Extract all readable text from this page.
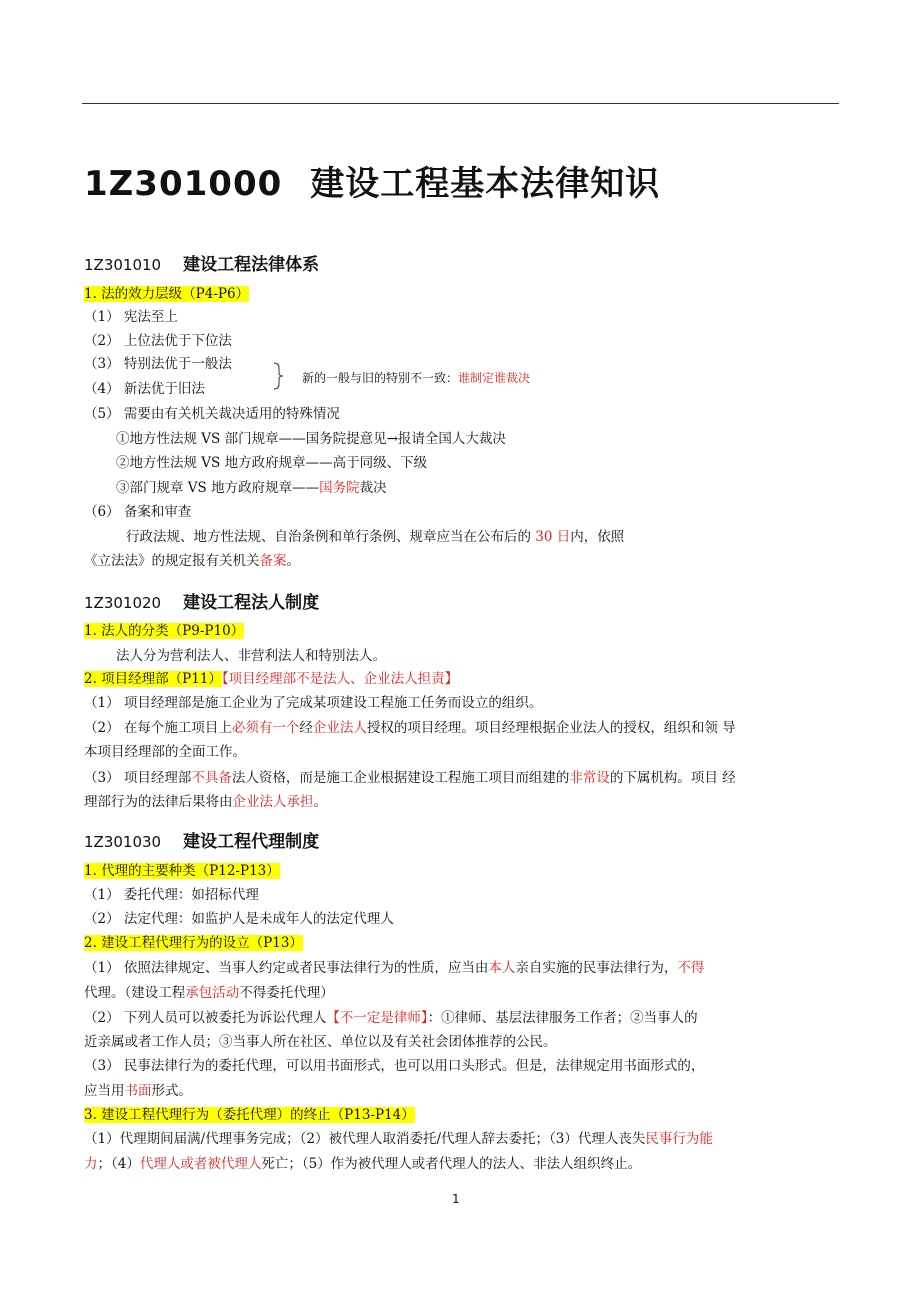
1Z301000 建设工程基本法律知识
1Z301010 建设工程法律体系
1. 法的效力层级（P4-P6）
（1） 宪法至上
（2） 上位法优于下位法
（3） 特别法优于一般法
（4） 新法优于旧法
新的一般与旧的特别不一致：谁制定谁裁决
（5） 需要由有关机关裁决适用的特殊情况
①地方性法规 VS 部门规章——国务院提意见→报请全国人大裁决
②地方性法规 VS 地方政府规章——高于同级、下级
③部门规章 VS 地方政府规章——国务院裁决
（6） 备案和审查
行政法规、地方性法规、自治条例和单行条例、规章应当在公布后的 30 日内，依照
《立法法》的规定报有关机关备案。
1Z301020 建设工程法人制度
1. 法人的分类（P9-P10）
法人分为营利法人、非营利法人和特别法人。
2. 项目经理部（P11）【项目经理部不是法人、企业法人担责】
（1） 项目经理部是施工企业为了完成某项建设工程施工任务而设立的组织。
（2） 在每个施工项目上必须有一个经企业法人授权的项目经理。项目经理根据企业法人的授权，组织和领 导
本项目经理部的全面工作。
（3） 项目经理部不具备法人资格，而是施工企业根据建设工程施工项目而组建的非常设的下属机构。项目 经
理部行为的法律后果将由企业法人承担。
1Z301030 建设工程代理制度
1. 代理的主要种类（P12-P13）
（1） 委托代理：如招标代理
（2） 法定代理：如监护人是未成年人的法定代理人
2. 建设工程代理行为的设立（P13）
（1） 依照法律规定、当事人约定或者民事法律行为的性质，应当由本人亲自实施的民事法律行为，不得
代理。（建设工程承包活动不得委托代理）
（2） 下列人员可以被委托为诉讼代理人【不一定是律师】：①律师、基层法律服务工作者；②当事人的
近亲属或者工作人员；③当事人所在社区、单位以及有关社会团体推荐的公民。
（3） 民事法律行为的委托代理，可以用书面形式，也可以用口头形式。但是，法律规定用书面形式的，
应当用书面形式。
3. 建设工程代理行为（委托代理）的终止（P13-P14）
（1）代理期间届满/代理事务完成；（2）被代理人取消委托/代理人辞去委托；（3）代理人丧失民事行为能
力；（4）代理人或者被代理人死亡；（5）作为被代理人或者代理人的法人、非法人组织终止。
1
